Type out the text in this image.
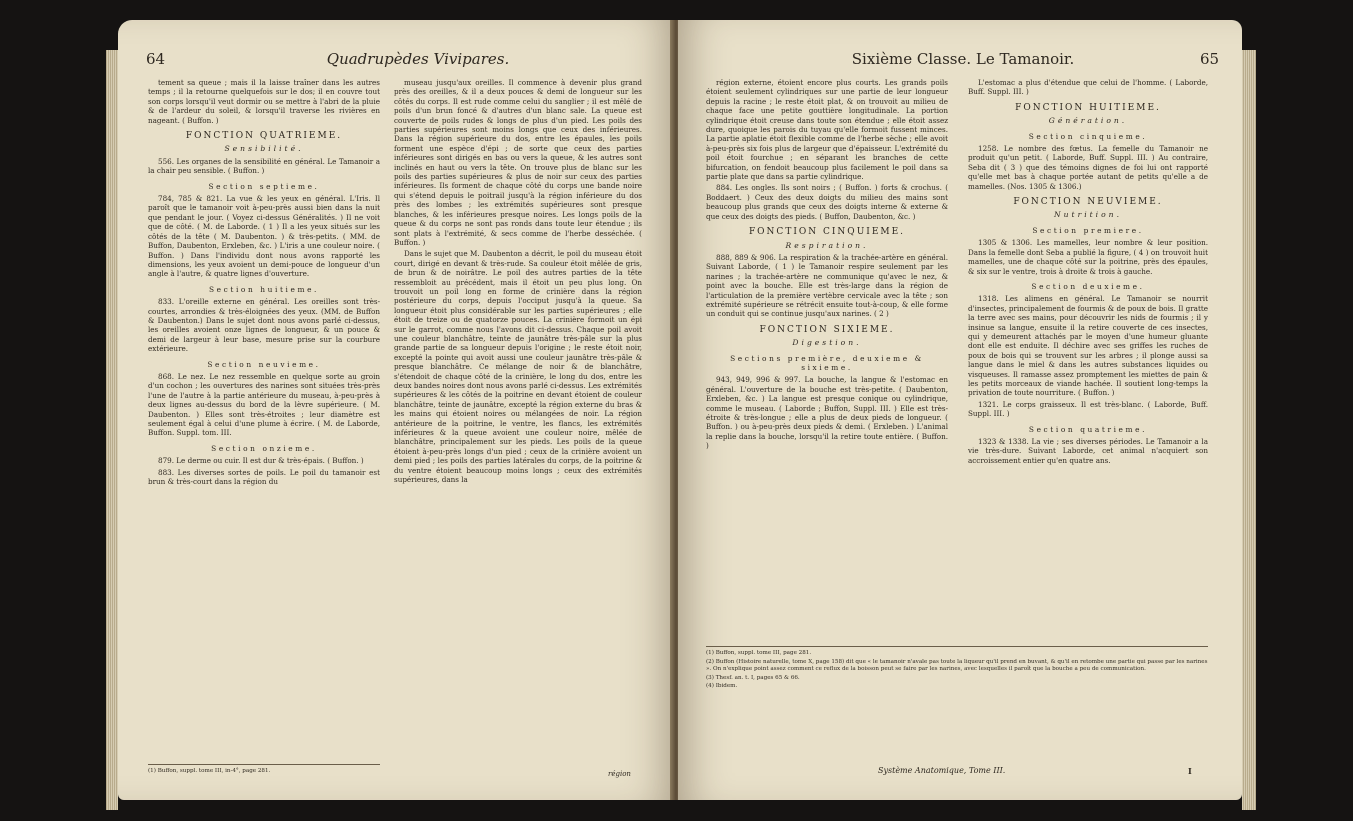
64	Quadrupèdes Vivipares.

tement sa queue ; mais il la laisse traîner dans les autres temps ; il la retourne quelquefois sur le dos; il en couvre tout son corps lorsqu'il veut dormir ou se mettre à l'abri de la pluie & de l'ardeur du soleil, & lorsqu'il traverse les rivières en nageant. ( Buffon. )

FONCTION QUATRIEME.
Sensibilité.

556. Les organes de la sensibilité en général. Le Tamanoir a la chair peu sensible. ( Buffon. )

Section septieme.

784, 785 & 821. La vue & les yeux en général. L'Iris. Il paroît que le tamanoir voit à-peu-près aussi bien dans la nuit que pendant le jour. ( Voyez ci-dessus Généralités. ) Il ne voit que de côté. ( M. de Laborde. ( 1 ) Il a les yeux situés sur les côtés de la tête ( M. Daubenton. ) & très-petits. ( MM. de Buffon, Daubenton, Erxleben, &c. ) L'iris a une couleur noire. ( Buffon. ) Dans l'individu dont nous avons rapporté les dimensions, les yeux avoient un demi-pouce de longueur d'un angle à l'autre, & quatre lignes d'ouverture.

Section huitieme.

833. L'oreille externe en général. Les oreilles sont très-courtes, arrondies & très-éloignées des yeux. (MM. de Buffon & Daubenton.) Dans le sujet dont nous avons parlé ci-dessus, les oreilles avoient onze lignes de longueur, & un pouce & demi de largeur à leur base, mesure prise sur la courbure extérieure.

Section neuvieme.

868. Le nez. Le nez ressemble en quelque sorte au groin d'un cochon ; les ouvertures des narines sont situées très-près l'une de l'autre à la partie antérieure du museau, à-peu-près à deux lignes au-dessus du bord de la lèvre supérieure. ( M. Daubenton. ) Elles sont très-étroites ; leur diamètre est seulement égal à celui d'une plume à écrire. ( M. de Laborde, Buffon. Suppl. tom. III.

Section onzieme.

879. Le derme ou cuir. Il est dur & très-épais. ( Buffon. )

883. Les diverses sortes de poils. Le poil du tamanoir est brun & très-court dans la région du

museau jusqu'aux oreilles. Il commence à devenir plus grand près des oreilles, & il a deux pouces & demi de longueur sur les côtés du corps. Il est rude comme celui du sanglier ; il est mêlé de poils d'un brun foncé & d'autres d'un blanc sale. La queue est couverte de poils rudes & longs de plus d'un pied. Les poils des parties supérieures sont moins longs que ceux des inférieures. Dans la région supérieure du dos, entre les épaules, les poils forment une espèce d'épi ; de sorte que ceux des parties inférieures sont dirigés en bas ou vers la queue, & les autres sont inclinés en haut ou vers la tête. On trouve plus de blanc sur les poils des parties supérieures & plus de noir sur ceux des parties inférieures. Ils forment de chaque côté du corps une bande noire qui s'étend depuis le poitrail jusqu'à la région inférieure du dos près des lombes ; les extrémités supérieures sont presque blanches, & les inférieures presque noires. Les longs poils de la queue & du corps ne sont pas ronds dans toute leur étendue ; ils sont plats à l'extrémité, & secs comme de l'herbe desséchée. ( Buffon. )

Dans le sujet que M. Daubenton a décrit, le poil du museau étoit court, dirigé en devant & très-rude. Sa couleur étoit mêlée de gris, de brun & de noirâtre. Le poil des autres parties de la tête ressembloit au précédent, mais il étoit un peu plus long. On trouvoit un poil long en forme de crinière dans la région postérieure du corps, depuis l'occiput jusqu'à la queue. Sa longueur étoit plus considérable sur les parties supérieures ; elle étoit de treize ou de quatorze pouces. La crinière formoit un épi sur le garrot, comme nous l'avons dit ci-dessus. Chaque poil avoit une couleur blanchâtre, teinte de jaunâtre très-pâle sur la plus grande partie de sa longueur depuis l'origine ; le reste étoit noir, excepté la pointe qui avoit aussi une couleur jaunâtre très-pâle & presque blanchâtre. Ce mélange de noir & de blanchâtre, s'étendoit de chaque côté de la crinière, le long du dos, entre les deux bandes noires dont nous avons parlé ci-dessus. Les extrémités supérieures & les côtés de la poitrine en devant étoient de couleur blanchâtre, teinte de jaunâtre, excepté la région externe du bras & les mains qui étoient noires ou mélangées de noir. La région antérieure de la poitrine, le ventre, les flancs, les extrémités inférieures & la queue avoient une couleur noire, mêlée de blanchâtre, principalement sur les pieds. Les poils de la queue étoient à-peu-près longs d'un pied ; ceux de la crinière avoient un demi pied ; les poils des parties latérales du corps, de la poitrine & du ventre étoient beaucoup moins longs ; ceux des extrémités supérieures, dans la

(1) Buffon, suppl. tome III, in-4°, page 281.	région
Sixième Classe. Le Tamanoir.	65

région externe, étoient encore plus courts. Les grands poils étoient seulement cylindriques sur une partie de leur longueur depuis la racine ; le reste étoit plat, & on trouvoit au milieu de chaque face une petite gouttière longitudinale. La portion cylindrique étoit creuse dans toute son étendue ; elle étoit assez dure, quoique les parois du tuyau qu'elle formoit fussent minces. La partie aplatie étoit flexible comme de l'herbe sèche ; elle avoit à-peu-près six fois plus de largeur que d'épaisseur. L'extrémité du poil étoit fourchue ; en séparant les branches de cette bifurcation, on fendoit beaucoup plus facilement le poil dans sa partie plate que dans sa partie cylindrique.

884. Les ongles. Ils sont noirs ; ( Buffon. ) forts & crochus. ( Boddaert. ) Ceux des deux doigts du milieu des mains sont beaucoup plus grands que ceux des doigts interne & externe & que ceux des doigts des pieds. ( Buffon, Daubenton, &c. )

FONCTION CINQUIEME.
Respiration.

888, 889 & 906. La respiration & la trachée-artère en général. Suivant Laborde, ( 1 ) le Tamanoir respire seulement par les narines ; la trachée-artère ne communique qu'avec le nez, & point avec la bouche. Elle est très-large dans la région de l'articulation de la première vertèbre cervicale avec la tête ; son extrémité supérieure se rétrécit ensuite tout-à-coup, & elle forme un conduit qui se continue jusqu'aux narines. ( 2 )

FONCTION SIXIEME.
Digestion.
Sections première, deuxieme & sixieme.

943, 949, 996 & 997. La bouche, la langue & l'estomac en général. L'ouverture de la bouche est très-petite. ( Daubenton, Erxleben, &c. ) La langue est presque conique ou cylindrique, comme le museau. ( Laborde ; Buffon, Suppl. III. ) Elle est très-étroite & très-longue ; elle a plus de deux pieds de longueur. ( Buffon. ) ou à-peu-près deux pieds & demi. ( Erxleben. ) L'animal la replie dans la bouche, lorsqu'il la retire toute entière. ( Buffon. )

L'estomac a plus d'étendue que celui de l'homme. ( Laborde, Buff. Suppl. III. )

FONCTION HUITIEME.
Génération.
Section cinquieme.

1258. Le nombre des fœtus. La femelle du Tamanoir ne produit qu'un petit. ( Laborde, Buff. Suppl. III. ) Au contraire, Seba dit ( 3 ) que des témoins dignes de foi lui ont rapporté qu'elle met bas à chaque portée autant de petits qu'elle a de mamelles. (Nos. 1305 & 1306.)

FONCTION NEUVIEME.
Nutrition.
Section premiere.

1305 & 1306. Les mamelles, leur nombre & leur position. Dans la femelle dont Seba a publié la figure, ( 4 ) on trouvoit huit mamelles, une de chaque côté sur la poitrine, près des épaules, & six sur le ventre, trois à droite & trois à gauche.

Section deuxieme.

1318. Les alimens en général. Le Tamanoir se nourrit d'insectes, principalement de fourmis & de poux de bois. Il gratte la terre avec ses mains, pour découvrir les nids de fourmis ; il y insinue sa langue, ensuite il la retire couverte de ces insectes, qui y demeurent attachés par le moyen d'une humeur gluante dont elle est enduite. Il déchire avec ses griffes les ruches de poux de bois qui se trouvent sur les arbres ; il plonge aussi sa langue dans le miel & dans les autres substances liquides ou visqueuses. Il ramasse assez promptement les miettes de pain & les petits morceaux de viande hachée. Il soutient long-temps la privation de toute nourriture. ( Buffon. )

1321. Le corps graisseux. Il est très-blanc. ( Laborde, Buff. Suppl. III. )

Section quatrieme.

1323 & 1338. La vie ; ses diverses périodes. Le Tamanoir a la vie très-dure. Suivant Laborde, cet animal n'acquiert son accroissement entier qu'en quatre ans.

(1) Buffon, suppl. tome III, page 281.

(2) Buffon (Histoire naturelle, tome X, page 158) dit que « le tamanoir n'avale pas toute la liqueur qu'il prend en buvant, & qu'il en retombe une partie qui passe par les narines ». On n'explique point assez comment ce reflux de la boisson peut se faire par les narines, avec lesquelles il paroît que la bouche a peu de communication.

(3) Thesf. an. t. I, pages 65 & 66.

(4) Ibidem.

Système Anatomique, Tome III.	I
